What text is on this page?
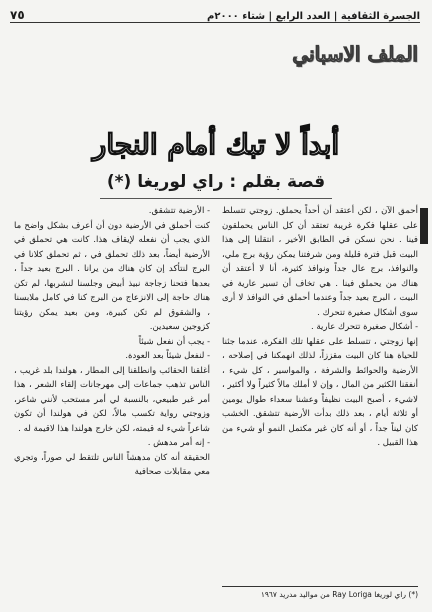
الجسرة الثقافية | العدد الرابع | شتاء ٢٠٠٠م
٧٥
الملف الاسباني
أبداً لا تبك أمام النجار
قصة بقلم : راي لوريغا (*)

أحمق الآن ، لكن أعتقد أن أحداً يحملق. زوجتي تتسلط على عقلها فكرة غريبة تعتقد أن كل الناس يحملقون فينا . نحن نسكن في الطابق الأخير ، انتقلنا إلى هذا البيت قبل فترة قليلة ومن شرفتنا يمكن رؤية برج ملي، والنوافذ، برج عال جداً ونوافذ كثيرة، أنا لا أعتقد أن هناك من يحملق فينا . هي تخاف أن تسير عارية في البيت ، البرج بعيد جداً وعندما أحملق في النوافذ لا أرى سوى أشكال صغيرة تتحرك .

- أشكال صغيرة تتحرك عارية .

إنها زوجتي ، تتسلط على عقلها تلك الفكرة، عندما جئنا للحياة هنا كان البيت مقززاً، لذلك انهمكنا في إصلاحه ، الأرضية والحوائط والشرفة ، والمواسير ، كل شيء ، أنفقنا الكثير من المال ، وإن لا أملك مالاً كثيراً ولا أكثير ، لاشيء ، أصبح البيت نظيفاً وعشنا سعداء طوال يومين أو ثلاثة أيام ، بعد ذلك بدأت الأرضية تتشقق. الخشب كان ليناً جداً ، أو أنه كان غير مكتمل النمو أو شيء من هذا القبيل .

- الأرضية تتشقق.

كنت أحملق في الأرضية دون أن أعرف بشكل واضح ما الذي يجب أن نفعله لإيقاف هذا. كانت هي تحملق في الأرضية أيضاً، بعد ذلك تحملق في ، ثم تحملق كلانا في البرج لنتأكد إن كان هناك من يرانا . البرج بعيد جداً ، بعدها فتحنا زجاجة نبيذ أبيض وجلسنا لنشربها، لم تكن هناك حاجة إلى الانزعاج من البرج كنا في كامل ملابسنا ، والشقوق لم تكن كبيرة، ومن بعيد يمكن رؤيتنا كزوجين سعيدين.

- يجب أن نفعل شيئاً

- لنفعل شيئاً بعد العودة.

أغلقنا الحقائب وانطلقنا إلى المطار ، هولندا بلد غريب ، الناس تذهب جماعات إلى مهرجانات إلقاء الشعر ، هذا أمر غير طبيعي، بالنسبة لي أمر مستحب لأنني شاعر، وزوجتي رواية تكسب مالاً، لكن في هولندا أن تكون شاعراً شيء له قيمته، لكن خارج هولندا هذا لاقيمة له .

- إنه أمر مدهش .

الحقيقة أنه كان مدهشاً الناس تلتقط لي صوراً، وتجري معي مقابلات صحافية

(*) راي لوريغا Ray Loriga من مواليد مدريد ١٩٦٧
